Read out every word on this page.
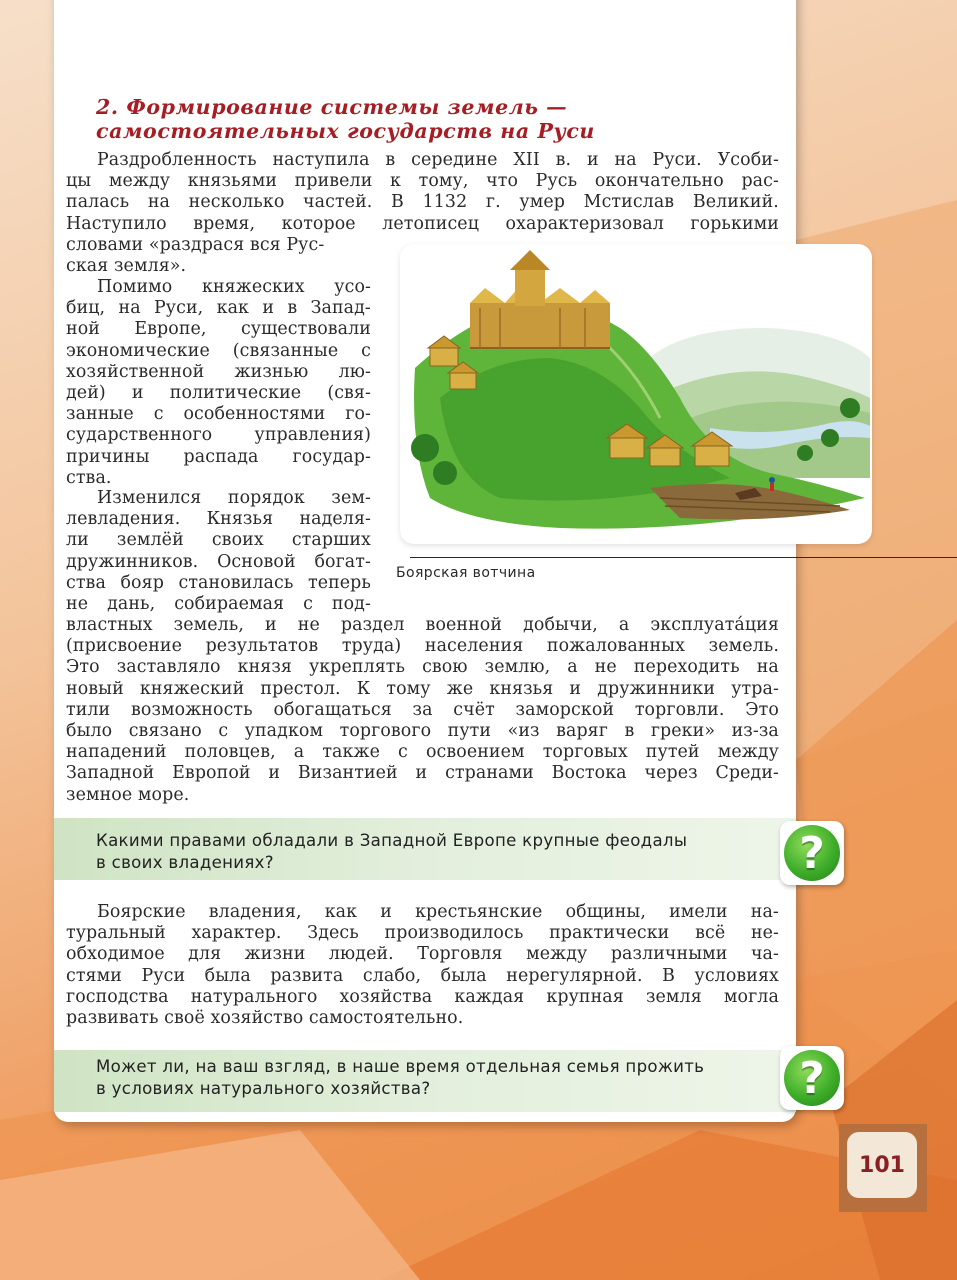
2. Формирование системы земель —
самостоятельных государств на Руси
Раздробленность наступила в середине XII в. и на Руси. Усоби-
цы между князьями привели к тому, что Русь окончательно рас-
палась на несколько частей. В 1132 г. умер Мстислав Великий.
Наступило время, которое летописец охарактеризовал горькими
словами «раздрася вся Рус-
ская земля».
Боярская вотчина
Помимо княжеских усо-
биц, на Руси, как и в Запад-
ной Европе, существовали
экономические (связанные с
хозяйственной жизнью лю-
дей) и политические (свя-
занные с особенностями го-
сударственного управления)
причины распада государ-
ства.
Изменился порядок зем-
левладения. Князья наделя-
ли землёй своих старших
дружинников. Основой богат-
ства бояр становилась теперь
не дань, собираемая с под-
властных земель, и не раздел военной добычи, а эксплуатáция
(присвоение результатов труда) населения пожалованных земель.
Это заставляло князя укреплять свою землю, а не переходить на
новый княжеский престол. К тому же князья и дружинники утра-
тили возможность обогащаться за счёт заморской торговли. Это
было связано с упадком торгового пути «из варяг в греки» из-за
нападений половцев, а также с освоением торговых путей между
Западной Европой и Византией и странами Востока через Среди-
земное море.
Какими правами обладали в Западной Европе крупные феодалы
в своих владениях?	?
Боярские владения, как и крестьянские общины, имели на-
туральный характер. Здесь производилось практически всё не-
обходимое для жизни людей. Торговля между различными ча-
стями Руси была развита слабо, была нерегулярной. В условиях
господства натурального хозяйства каждая крупная земля могла
развивать своё хозяйство самостоятельно.
Может ли, на ваш взгляд, в наше время отдельная семья прожить
в условиях натурального хозяйства?	?
101
